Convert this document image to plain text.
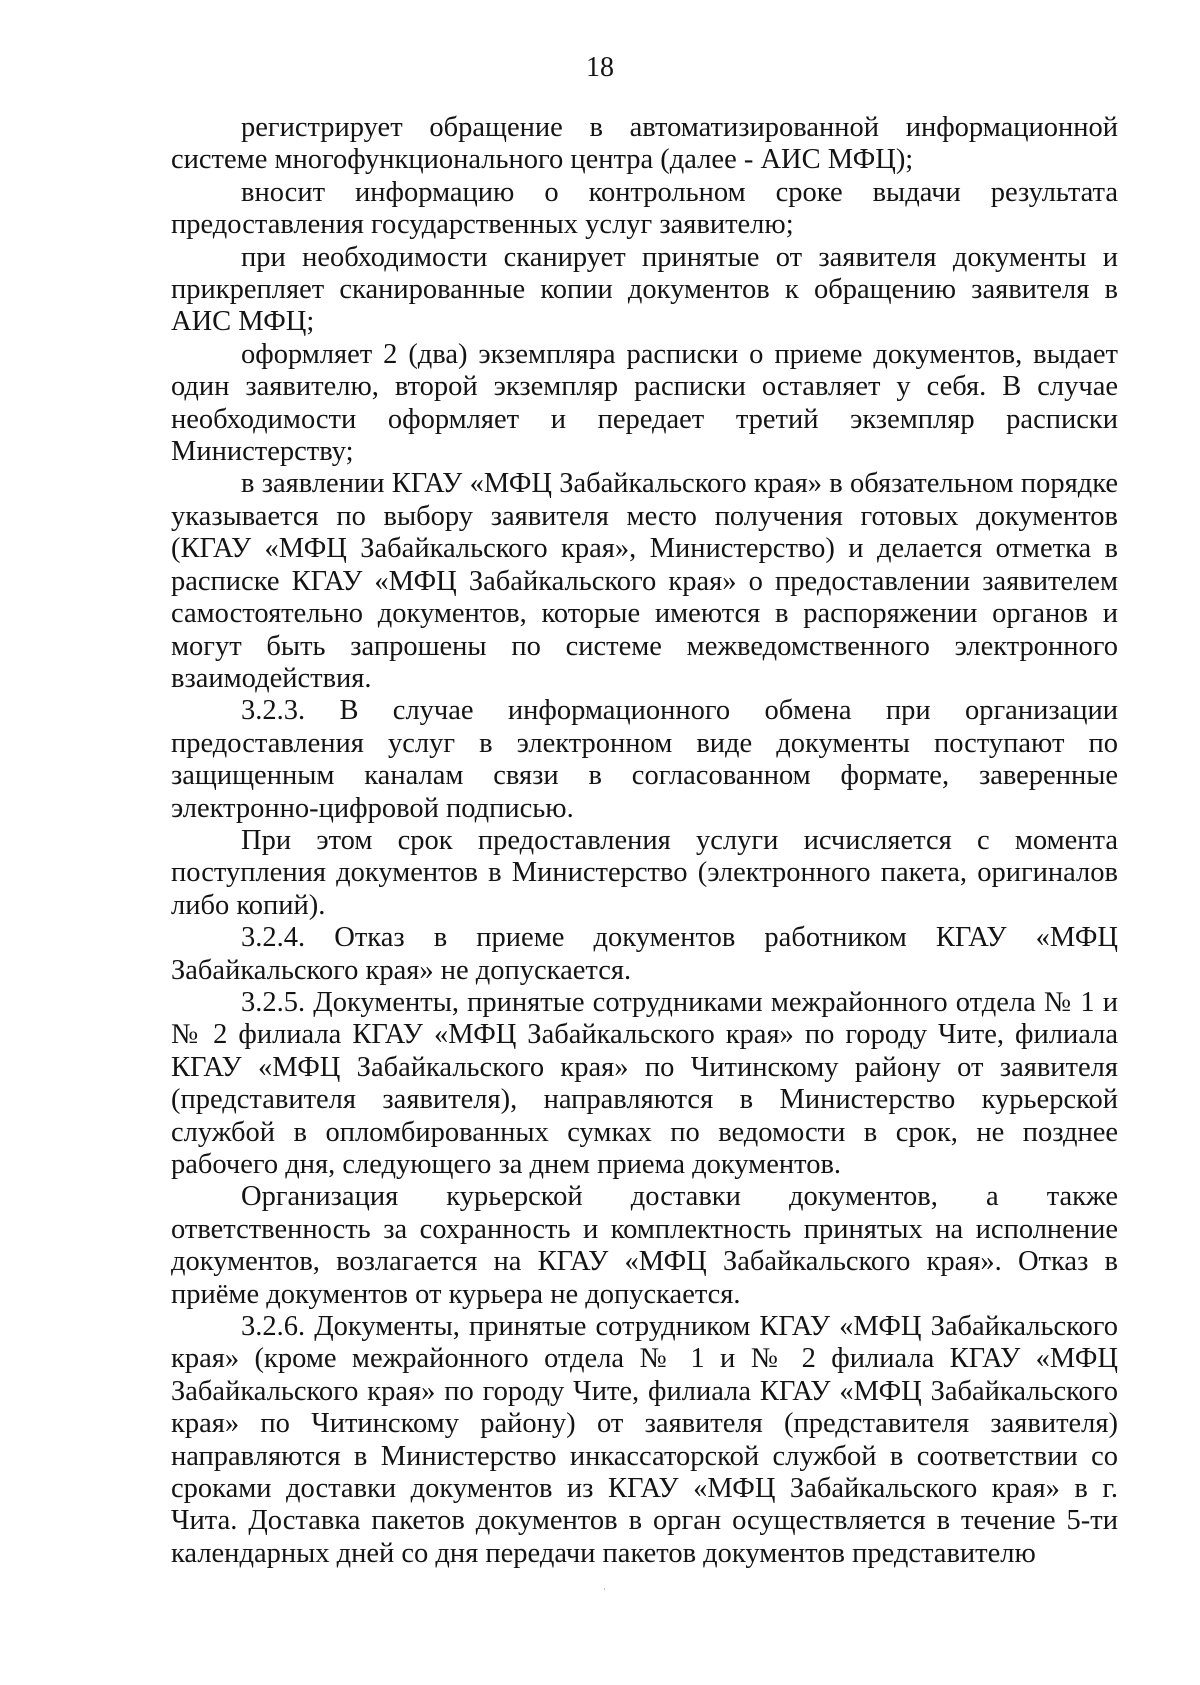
18

регистрирует обращение в автоматизированной информационной системе многофункционального центра (далее - АИС МФЦ);

вносит информацию о контрольном сроке выдачи результата предоставления государственных услуг заявителю;

при необходимости сканирует принятые от заявителя документы и прикрепляет сканированные копии документов к обращению заявителя в АИС МФЦ;

оформляет 2 (два) экземпляра расписки о приеме документов, выдает один заявителю, второй экземпляр расписки оставляет у себя. В случае необходимости оформляет и передает третий экземпляр расписки Министерству;

в заявлении КГАУ «МФЦ Забайкальского края» в обязательном порядке указывается по выбору заявителя место получения готовых документов (КГАУ «МФЦ Забайкальского края», Министерство) и делается отметка в расписке КГАУ «МФЦ Забайкальского края» о предоставлении заявителем самостоятельно документов, которые имеются в распоряжении органов и могут быть запрошены по системе межведомственного электронного взаимодействия.

3.2.3. В случае информационного обмена при организации предоставления услуг в электронном виде документы поступают по защищенным каналам связи в согласованном формате, заверенные электронно-цифровой подписью.

При этом срок предоставления услуги исчисляется с момента поступления документов в Министерство (электронного пакета, оригиналов либо копий).

3.2.4. Отказ в приеме документов работником КГАУ «МФЦ Забайкальского края» не допускается.

3.2.5. Документы, принятые сотрудниками межрайонного отдела № 1 и № 2 филиала КГАУ «МФЦ Забайкальского края» по городу Чите, филиала КГАУ «МФЦ Забайкальского края» по Читинскому району от заявителя (представителя заявителя), направляются в Министерство курьерской службой в опломбированных сумках по ведомости в срок, не позднее рабочего дня, следующего за днем приема документов.

Организация курьерской доставки документов, а также ответственность за сохранность и комплектность принятых на исполнение документов, возлагается на КГАУ «МФЦ Забайкальского края». Отказ в приёме документов от курьера не допускается.

3.2.6. Документы, принятые сотрудником КГАУ «МФЦ Забайкальского края» (кроме межрайонного отдела № 1 и № 2 филиала КГАУ «МФЦ Забайкальского края» по городу Чите, филиала КГАУ «МФЦ Забайкальского края» по Читинскому району) от заявителя (представителя заявителя) направляются в Министерство инкассаторской службой в соответствии со сроками доставки документов из КГАУ «МФЦ Забайкальского края» в г. Чита. Доставка пакетов документов в орган осуществляется в течение 5-ти календарных дней со дня передачи пакетов документов представителю
